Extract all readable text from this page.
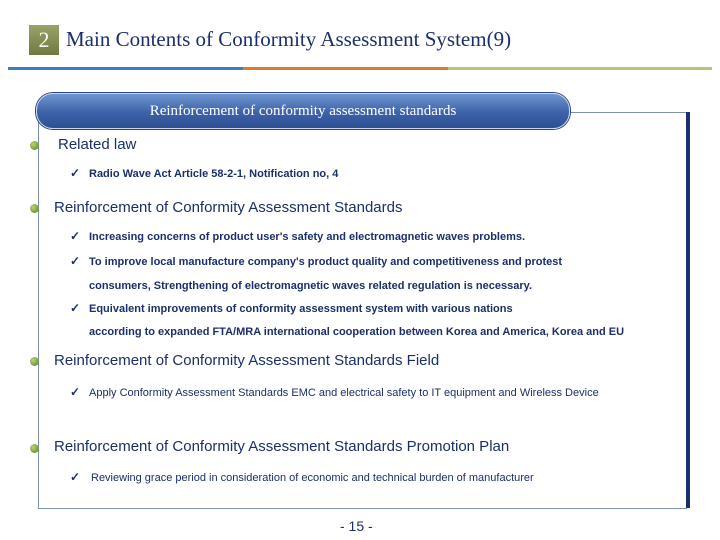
2 Main Contents of Conformity Assessment System(9)
Reinforcement of conformity assessment standards
Related law
✓ Radio Wave Act Article 58-2-1, Notification no, 4
Reinforcement of Conformity Assessment Standards
✓ Increasing concerns of product user's safety and electromagnetic waves problems.
✓ To improve local manufacture company's product quality and competitiveness and protest
consumers, Strengthening of electromagnetic waves related regulation is necessary.
✓ Equivalent improvements of conformity assessment system with various nations
according to expanded FTA/MRA international cooperation between Korea and America, Korea and EU
Reinforcement of Conformity Assessment Standards Field
✓ Apply Conformity Assessment Standards EMC and electrical safety to IT equipment and Wireless Device
Reinforcement of Conformity Assessment Standards Promotion Plan
✓ Reviewing grace period in consideration of economic and technical burden of manufacturer
- 15 -
